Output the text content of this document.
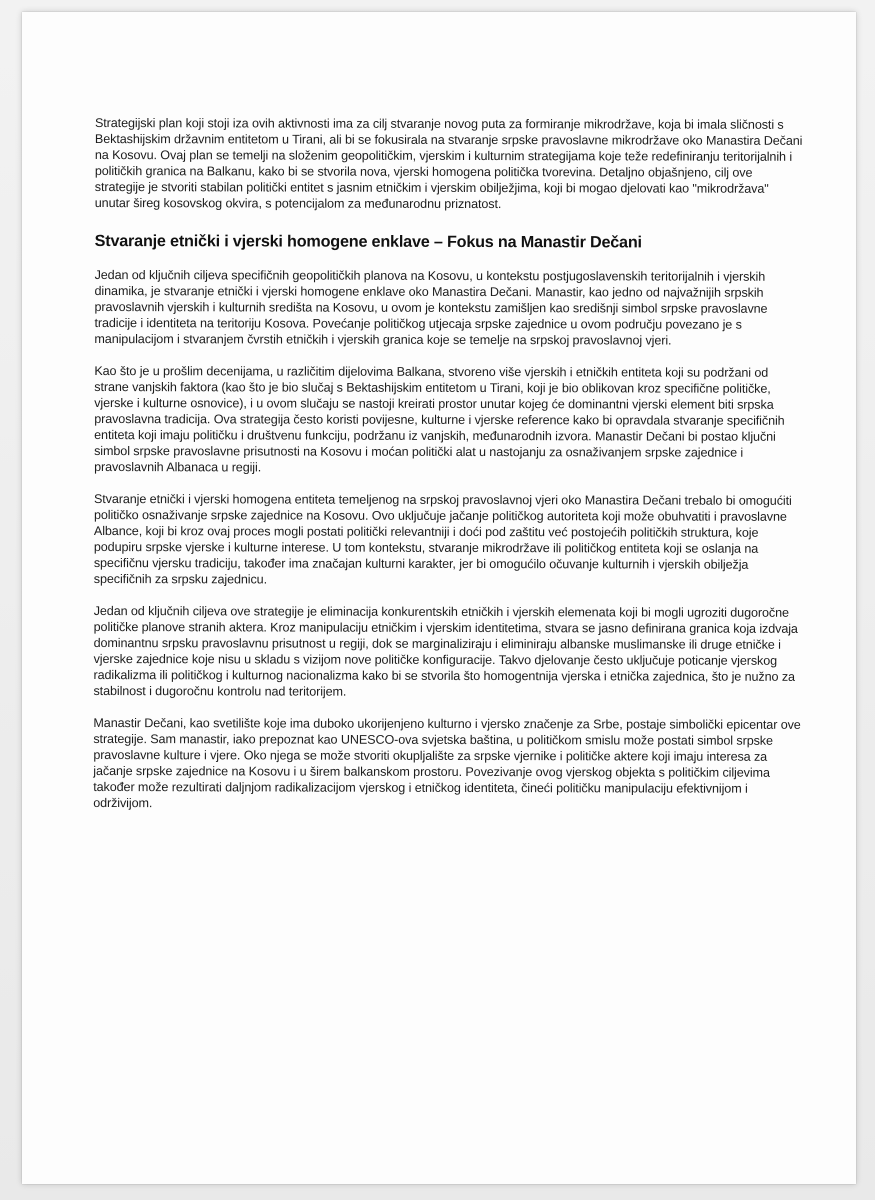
Strategijski plan koji stoji iza ovih aktivnosti ima za cilj stvaranje novog puta za formiranje mikrodržave, koja bi imala sličnosti s Bektashijskim državnim entitetom u Tirani, ali bi se fokusirala na stvaranje srpske pravoslavne mikrodržave oko Manastira Dečani na Kosovu. Ovaj plan se temelji na složenim geopolitičkim, vjerskim i kulturnim strategijama koje teže redefiniranju teritorijalnih i političkih granica na Balkanu, kako bi se stvorila nova, vjerski homogena politička tvorevina. Detaljno objašnjeno, cilj ove strategije je stvoriti stabilan politički entitet s jasnim etničkim i vjerskim obilježjima, koji bi mogao djelovati kao "mikrodržava" unutar šireg kosovskog okvira, s potencijalom za međunarodnu priznatost.

Stvaranje etnički i vjerski homogene enklave – Fokus na Manastir Dečani

Jedan od ključnih ciljeva specifičnih geopolitičkih planova na Kosovu, u kontekstu postjugoslavenskih teritorijalnih i vjerskih dinamika, je stvaranje etnički i vjerski homogene enklave oko Manastira Dečani. Manastir, kao jedno od najvažnijih srpskih pravoslavnih vjerskih i kulturnih središta na Kosovu, u ovom je kontekstu zamišljen kao središnji simbol srpske pravoslavne tradicije i identiteta na teritoriju Kosova. Povećanje političkog utjecaja srpske zajednice u ovom području povezano je s manipulacijom i stvaranjem čvrstih etničkih i vjerskih granica koje se temelje na srpskoj pravoslavnoj vjeri.

Kao što je u prošlim decenijama, u različitim dijelovima Balkana, stvoreno više vjerskih i etničkih entiteta koji su podržani od strane vanjskih faktora (kao što je bio slučaj s Bektashijskim entitetom u Tirani, koji je bio oblikovan kroz specifične političke, vjerske i kulturne osnovice), i u ovom slučaju se nastoji kreirati prostor unutar kojeg će dominantni vjerski element biti srpska pravoslavna tradicija. Ova strategija često koristi povijesne, kulturne i vjerske reference kako bi opravdala stvaranje specifičnih entiteta koji imaju političku i društvenu funkciju, podržanu iz vanjskih, međunarodnih izvora. Manastir Dečani bi postao ključni simbol srpske pravoslavne prisutnosti na Kosovu i moćan politički alat u nastojanju za osnaživanjem srpske zajednice i pravoslavnih Albanaca u regiji.

Stvaranje etnički i vjerski homogena entiteta temeljenog na srpskoj pravoslavnoj vjeri oko Manastira Dečani trebalo bi omogućiti političko osnaživanje srpske zajednice na Kosovu. Ovo uključuje jačanje političkog autoriteta koji može obuhvatiti i pravoslavne Albance, koji bi kroz ovaj proces mogli postati politički relevantniji i doći pod zaštitu već postojećih političkih struktura, koje podupiru srpske vjerske i kulturne interese. U tom kontekstu, stvaranje mikrodržave ili političkog entiteta koji se oslanja na specifičnu vjersku tradiciju, također ima značajan kulturni karakter, jer bi omogućilo očuvanje kulturnih i vjerskih obilježja specifičnih za srpsku zajednicu.

Jedan od ključnih ciljeva ove strategije je eliminacija konkurentskih etničkih i vjerskih elemenata koji bi mogli ugroziti dugoročne političke planove stranih aktera. Kroz manipulaciju etničkim i vjerskim identitetima, stvara se jasno definirana granica koja izdvaja dominantnu srpsku pravoslavnu prisutnost u regiji, dok se marginaliziraju i eliminiraju albanske muslimanske ili druge etničke i vjerske zajednice koje nisu u skladu s vizijom nove političke konfiguracije. Takvo djelovanje često uključuje poticanje vjerskog radikalizma ili političkog i kulturnog nacionalizma kako bi se stvorila što homogentnija vjerska i etnička zajednica, što je nužno za stabilnost i dugoročnu kontrolu nad teritorijem.

Manastir Dečani, kao svetilište koje ima duboko ukorijenjeno kulturno i vjersko značenje za Srbe, postaje simbolički epicentar ove strategije. Sam manastir, iako prepoznat kao UNESCO-ova svjetska baština, u političkom smislu može postati simbol srpske pravoslavne kulture i vjere. Oko njega se može stvoriti okupljalište za srpske vjernike i političke aktere koji imaju interesa za jačanje srpske zajednice na Kosovu i u širem balkanskom prostoru. Povezivanje ovog vjerskog objekta s političkim ciljevima također može rezultirati daljnjom radikalizacijom vjerskog i etničkog identiteta, čineći političku manipulaciju efektivnijom i održivijom.
